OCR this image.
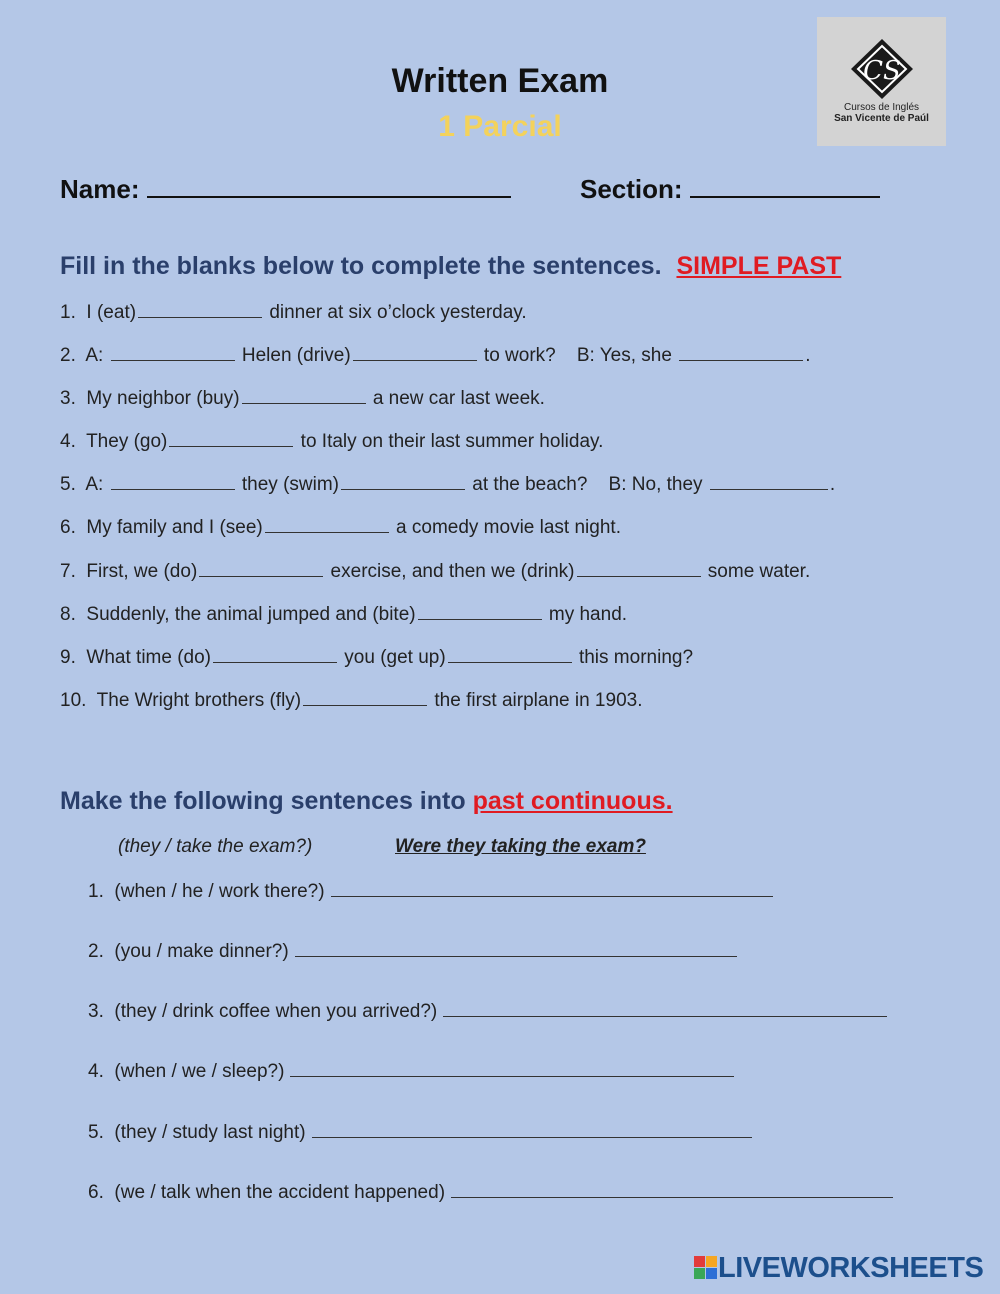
Written Exam
1 Parcial
CS
Cursos de Inglés
San Vicente de Paúl
Name:	Section:
Fill in the blanks below to complete the sentences. SIMPLE PAST
1. I (eat)	dinner at six o’clock yesterday.
2. A:	Helen (drive)	to work?    B: Yes, she	.
3. My neighbor (buy)	a new car last week.
4. They (go)	to Italy on their last summer holiday.
5. A:	they (swim)	at the beach?    B: No, they	.
6. My family and I (see)	a comedy movie last night.
7. First, we (do)	exercise, and then we (drink)	some water.
8. Suddenly, the animal jumped and (bite)	my hand.
9. What time (do)	you (get up)	this morning?
10. The Wright brothers (fly)	the first airplane in 1903.
Make the following sentences into past continuous.
(they / take the exam?)	Were they taking the exam?
1. (when / he / work there?)
2. (you / make dinner?)
3. (they / drink coffee when you arrived?)
4. (when / we / sleep?)
5. (they / study last night)
6. (we / talk when the accident happened)
LIVEWORKSHEETS
